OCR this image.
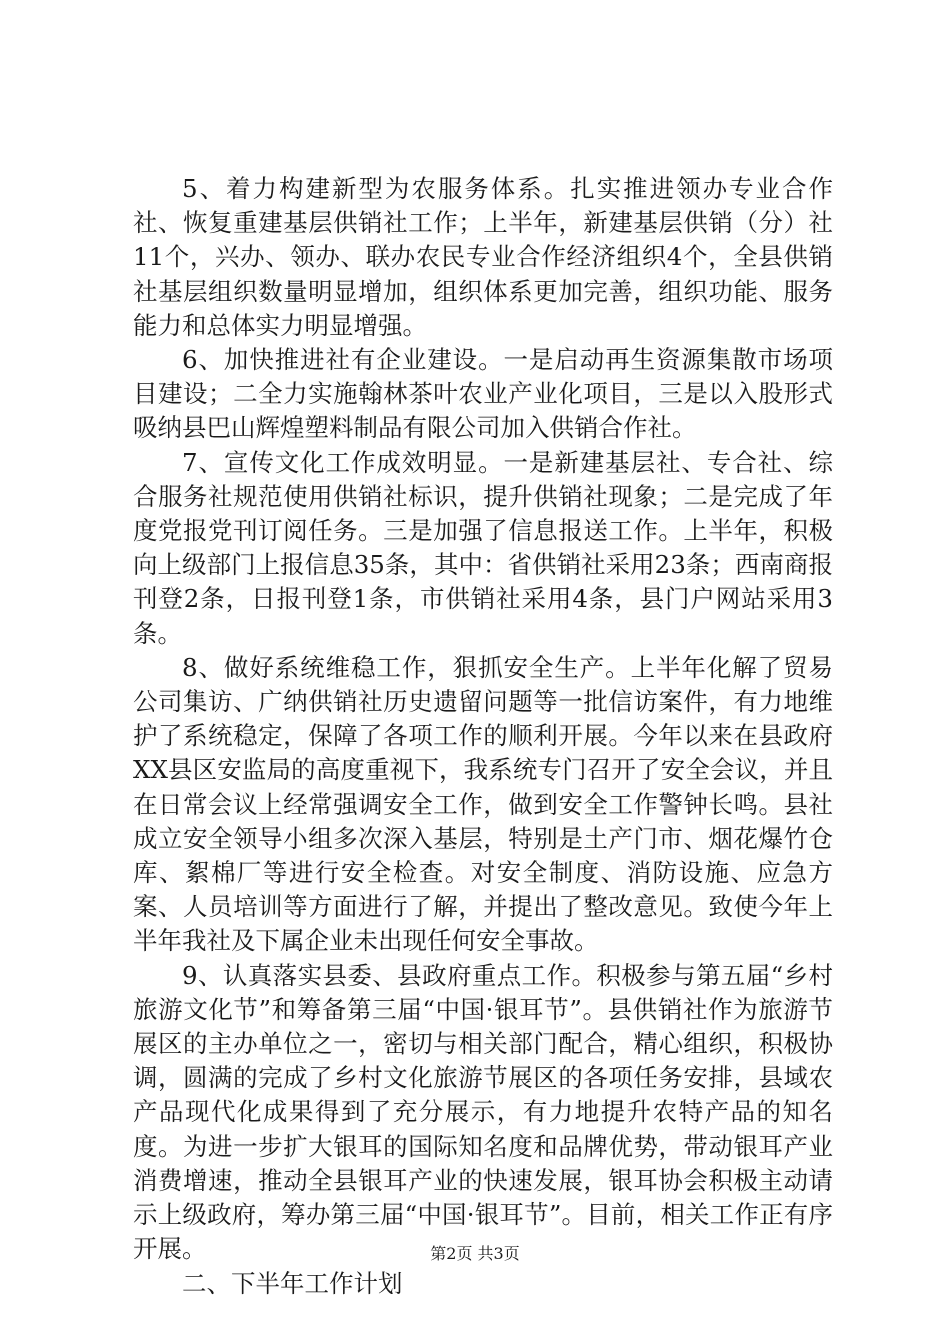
5、着力构建新型为农服务体系。扎实推进领办专业合作社、恢复重建基层供销社工作；上半年，新建基层供销（分）社11个，兴办、领办、联办农民专业合作经济组织4个，全县供销社基层组织数量明显增加，组织体系更加完善，组织功能、服务能力和总体实力明显增强。

6、加快推进社有企业建设。一是启动再生资源集散市场项目建设；二全力实施翰林茶叶农业产业化项目，三是以入股形式吸纳县巴山辉煌塑料制品有限公司加入供销合作社。

7、宣传文化工作成效明显。一是新建基层社、专合社、综合服务社规范使用供销社标识，提升供销社现象；二是完成了年度党报党刊订阅任务。三是加强了信息报送工作。上半年，积极向上级部门上报信息35条，其中：省供销社采用23条；西南商报刊登2条，日报刊登1条，市供销社采用4条，县门户网站采用3条。

8、做好系统维稳工作，狠抓安全生产。上半年化解了贸易公司集访、广纳供销社历史遗留问题等一批信访案件，有力地维护了系统稳定，保障了各项工作的顺利开展。今年以来在县政府XX县区安监局的高度重视下，我系统专门召开了安全会议，并且在日常会议上经常强调安全工作，做到安全工作警钟长鸣。县社成立安全领导小组多次深入基层，特别是土产门市、烟花爆竹仓库、絮棉厂等进行安全检查。对安全制度、消防设施、应急方案、人员培训等方面进行了解，并提出了整改意见。致使今年上半年我社及下属企业未出现任何安全事故。

9、认真落实县委、县政府重点工作。积极参与第五届“乡村旅游文化节”和筹备第三届“中国·银耳节”。县供销社作为旅游节展区的主办单位之一，密切与相关部门配合，精心组织，积极协调，圆满的完成了乡村文化旅游节展区的各项任务安排，县域农产品现代化成果得到了充分展示，有力地提升农特产品的知名度。为进一步扩大银耳的国际知名度和品牌优势，带动银耳产业消费增速，推动全县银耳产业的快速发展，银耳协会积极主动请示上级政府，筹办第三届“中国·银耳节”。目前，相关工作正有序开展。

二、下半年工作计划

第2页 共3页
